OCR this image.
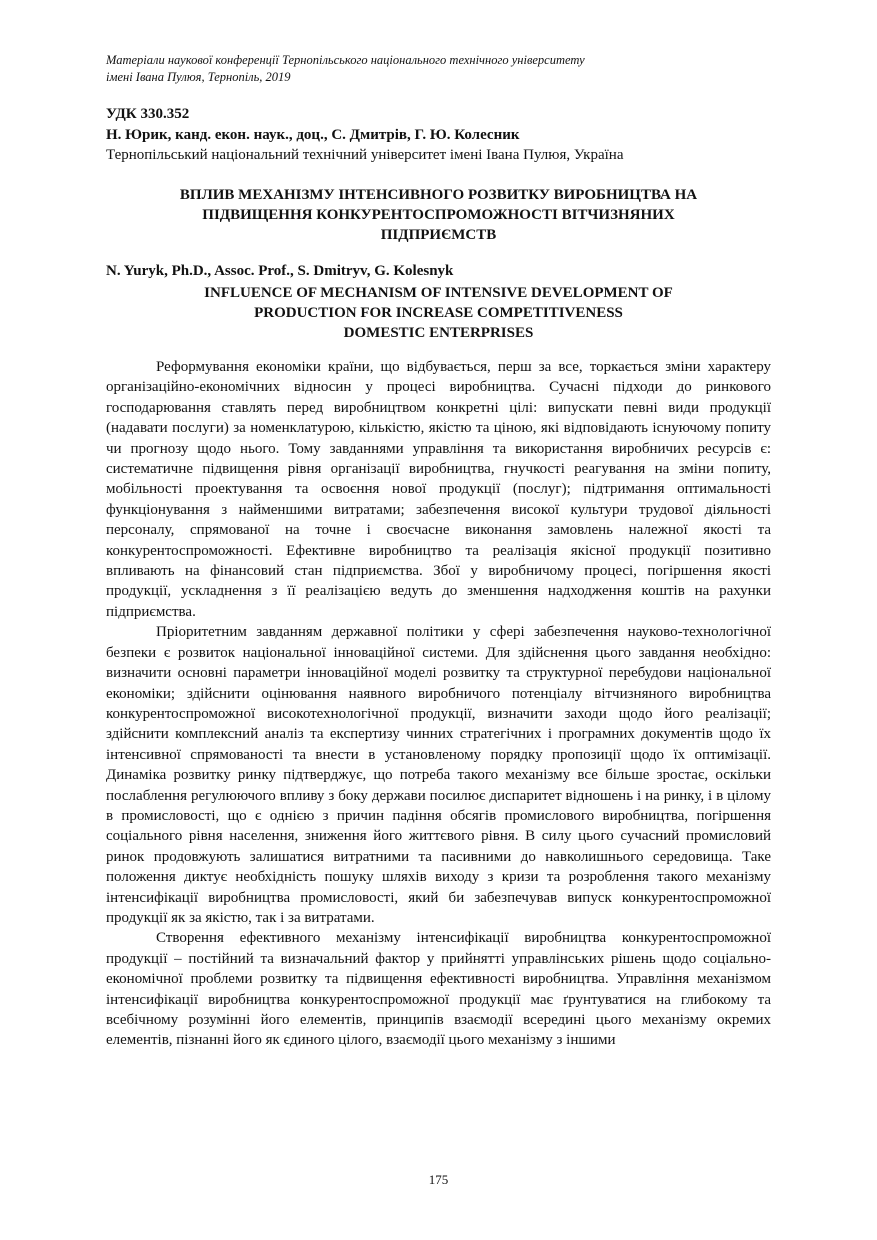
Матеріали наукової конференції Тернопільського національного технічного університету
імені Івана Пулюя, Тернопіль, 2019
УДК 330.352
Н. Юрик, канд. екон. наук., доц., С. Дмитрів, Г. Ю. Колесник
Тернопільський національний технічний університет імені Івана Пулюя, Україна
ВПЛИВ МЕХАНІЗМУ ІНТЕНСИВНОГО РОЗВИТКУ ВИРОБНИЦТВА НА
ПІДВИЩЕННЯ КОНКУРЕНТОСПРОМОЖНОСТІ ВІТЧИЗНЯНИХ
ПІДПРИЄМСТВ
N. Yuryk, Ph.D., Assoc. Prof., S. Dmitryv, G. Kolesnyk
INFLUENCE OF MECHANISM OF INTENSIVE DEVELOPMENT OF
PRODUCTION FOR INCREASE COMPETITIVENESS
DOMESTIC ENTERPRISES

Реформування економіки країни, що відбувається, перш за все, торкається зміни характеру організаційно-економічних відносин у процесі виробництва. Сучасні підходи до ринкового господарювання ставлять перед виробництвом конкретні цілі: випускати певні види продукції (надавати послуги) за номенклатурою, кількістю, якістю та ціною, які відповідають існуючому попиту чи прогнозу щодо нього. Тому завданнями управління та використання виробничих ресурсів є: систематичне підвищення рівня організації виробництва, гнучкості реагування на зміни попиту, мобільності проектування та освоєння нової продукції (послуг); підтримання оптимальності функціонування з найменшими витратами; забезпечення високої культури трудової діяльності персоналу, спрямованої на точне і своєчасне виконання замовлень належної якості та конкурентоспроможності. Ефективне виробництво та реалізація якісної продукції позитивно впливають на фінансовий стан підприємства. Збої у виробничому процесі, погіршення якості продукції, ускладнення з її реалізацією ведуть до зменшення надходження коштів на рахунки підприємства.

Пріоритетним завданням державної політики у сфері забезпечення науково-технологічної безпеки є розвиток національної інноваційної системи. Для здійснення цього завдання необхідно: визначити основні параметри інноваційної моделі розвитку та структурної перебудови національної економіки; здійснити оцінювання наявного виробничого потенціалу вітчизняного виробництва конкурентоспроможної високотехнологічної продукції, визначити заходи щодо його реалізації; здійснити комплексний аналіз та експертизу чинних стратегічних і програмних документів щодо їх інтенсивної спрямованості та внести в установленому порядку пропозиції щодо їх оптимізації. Динаміка розвитку ринку підтверджує, що потреба такого механізму все більше зростає, оскільки послаблення регулюючого впливу з боку держави посилює диспаритет відношень і на ринку, і в цілому в промисловості, що є однією з причин падіння обсягів промислового виробництва, погіршення соціального рівня населення, зниження його життєвого рівня. В силу цього сучасний промисловий ринок продовжують залишатися витратними та пасивними до навколишнього середовища. Таке положення диктує необхідність пошуку шляхів виходу з кризи та розроблення такого механізму інтенсифікації виробництва промисловості, який би забезпечував випуск конкурентоспроможної продукції як за якістю, так і за витратами.

Створення ефективного механізму інтенсифікації виробництва конкурентоспроможної продукції – постійний та визначальний фактор у прийнятті управлінських рішень щодо соціально-економічної проблеми розвитку та підвищення ефективності виробництва. Управління механізмом інтенсифікації виробництва конкурентоспроможної продукції має ґрунтуватися на глибокому та всебічному розумінні його елементів, принципів взаємодії всередині цього механізму окремих елементів, пізнанні його як єдиного цілого, взаємодії цього механізму з іншими

175
